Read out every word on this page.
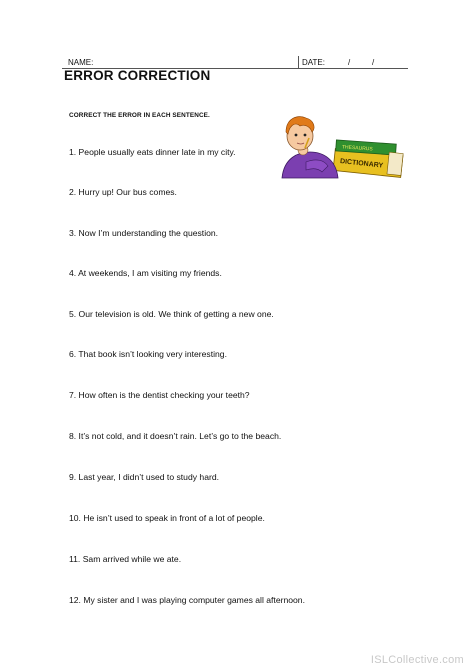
NAME:	DATE:	/	/
ERROR CORRECTION
CORRECT THE ERROR IN EACH SENTENCE.
DICTIONARY
THESAURUS
1. People usually eats dinner late in my city.
2. Hurry up! Our bus comes.
3. Now I’m understanding the question.
4. At weekends, I am visiting my friends.
5. Our television is old. We think of getting a new one.
6. That book isn’t looking very interesting.
7. How often is the dentist checking your teeth?
8. It’s not cold, and it doesn’t rain. Let’s go to the beach.
9. Last year, I didn’t used to study hard.
10. He isn’t used to speak in front of a lot of people.
11. Sam arrived while we ate.
12. My sister and I was playing computer games all afternoon.
ISLCollective.com
